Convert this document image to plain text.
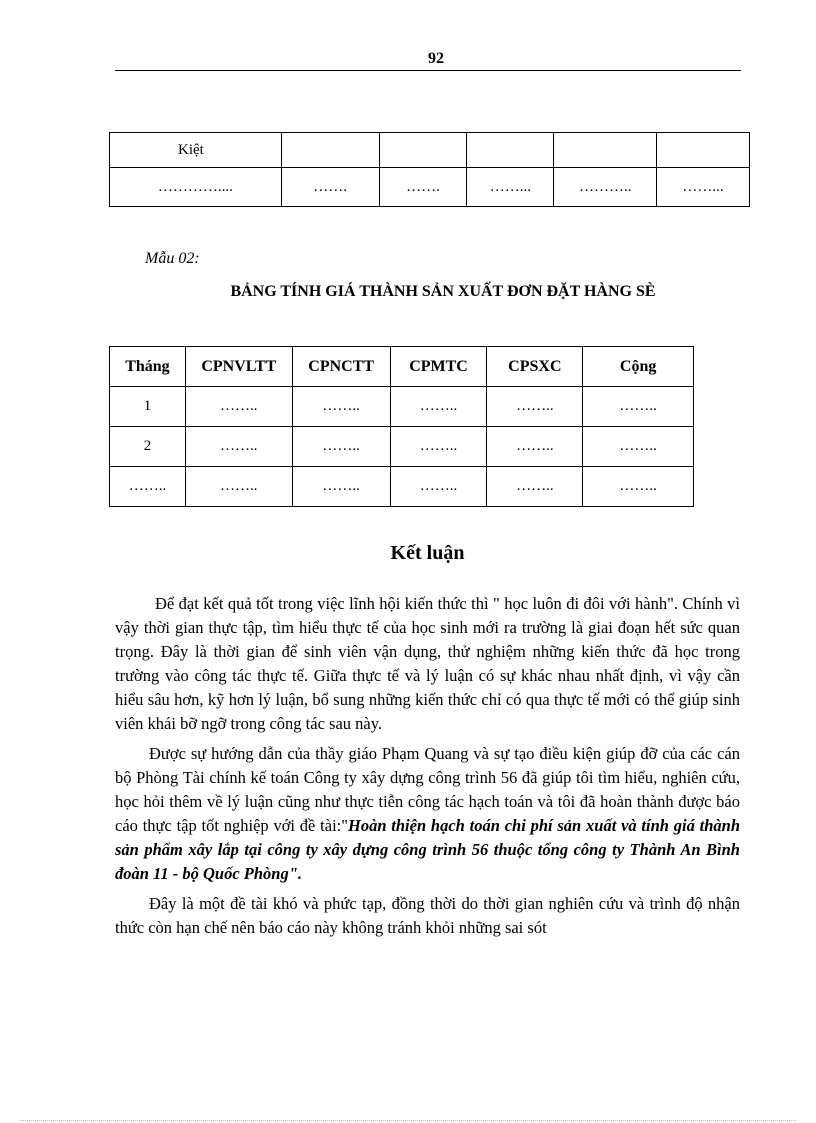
92
Kiệt					
…………....	…….	…….	……...	………..	……...
Mẫu 02:
BẢNG TÍNH GIÁ THÀNH SẢN XUẤT ĐƠN ĐẶT HÀNG SÈ
Tháng	CPNVLTT	CPNCTT	CPMTC	CPSXC	Cộng
1	……..	……..	……..	……..	……..
2	……..	……..	……..	……..	……..
……..	……..	……..	……..	……..	……..
Kết luận

Để đạt kết quả tốt trong việc lĩnh hội kiến thức thì " học luôn đi đôi với hành". Chính vì vậy thời gian thực tập, tìm hiểu thực tế của học sinh mới ra trường là giai đoạn hết sức quan trọng. Đây là thời gian để sinh viên vận dụng, thử nghiệm những kiến thức đã học trong trường vào công tác thực tế. Giữa thực tế và lý luận có sự khác nhau nhất định, vì vậy cần hiểu sâu hơn, kỹ hơn lý luận, bổ sung những kiến thức chỉ có qua thực tế mới có thể giúp sinh viên khái bỡ ngỡ trong công tác sau này.

Được sự hướng dẫn của thầy giáo Phạm Quang và sự tạo điều kiện giúp đỡ của các cán bộ Phòng Tài chính kế toán Công ty xây dựng công trình 56 đã giúp tôi tìm hiểu, nghiên cứu, học hỏi thêm về lý luận cũng như thực tiễn công tác hạch toán và tôi đã hoàn thành được báo cáo thực tập tốt nghiệp với đề tài:"Hoàn thiện hạch toán chi phí sản xuất và tính giá thành sản phẩm xây lắp tại công ty xây dựng công trình 56 thuộc tổng công ty Thành An Bình đoàn 11 - bộ Quốc Phòng".

Đây là một đề tài khó và phức tạp, đồng thời do thời gian nghiên cứu và trình độ nhận thức còn hạn chế nên báo cáo này không tránh khỏi những sai sót
